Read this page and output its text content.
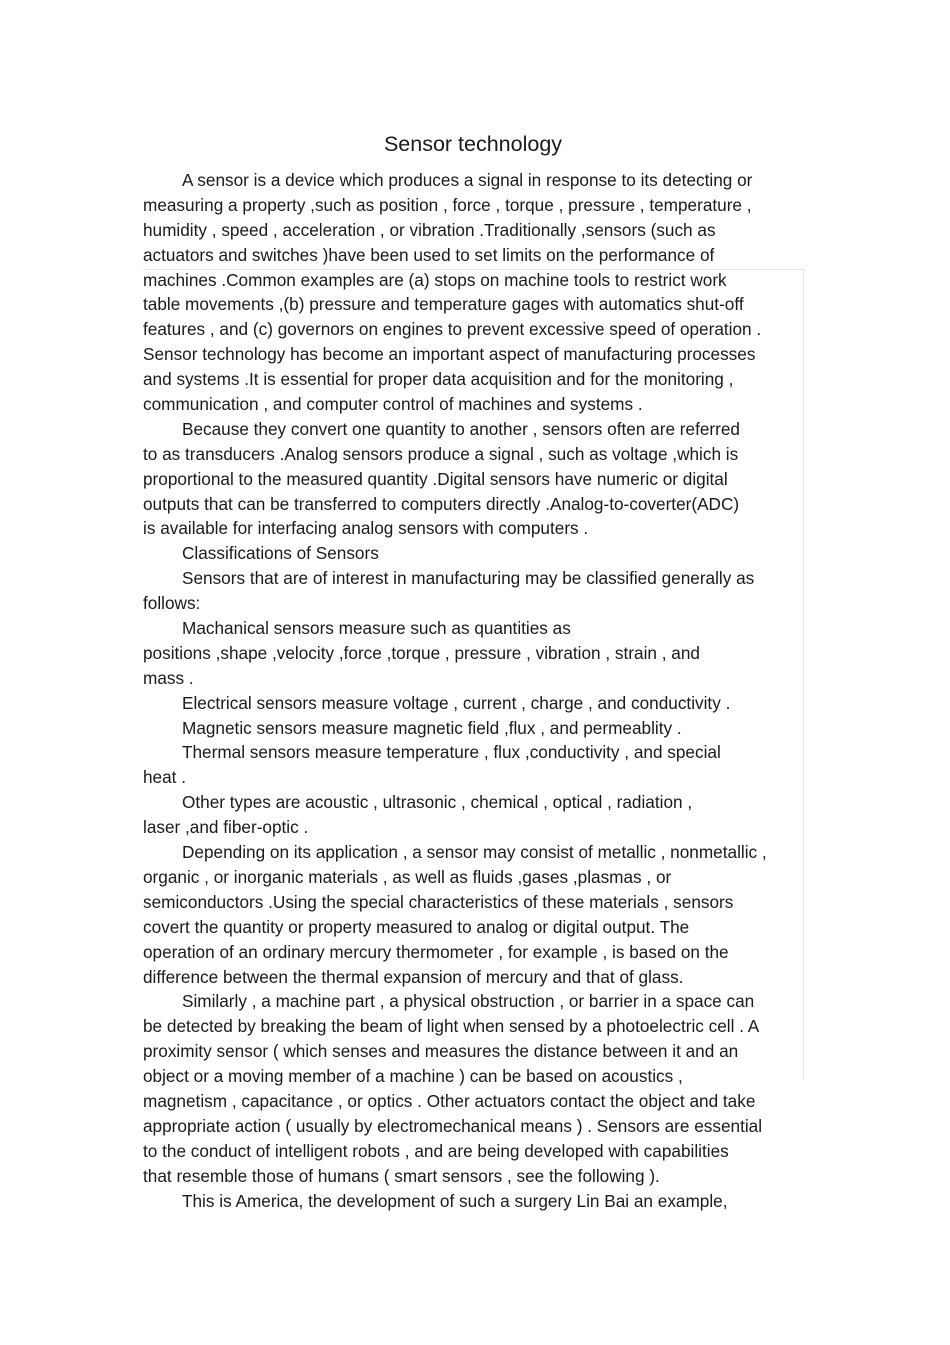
Sensor technology
A sensor is a device which produces a signal in response to its detecting or
measuring a property ,such as position , force , torque , pressure , temperature ,
humidity , speed , acceleration , or vibration .Traditionally ,sensors (such as
actuators and switches )have been used to set limits on the performance of
machines .Common examples are (a) stops on machine tools to restrict work
table movements ,(b) pressure and temperature gages with automatics shut-off
features , and (c) governors on engines to prevent excessive speed of operation .
Sensor technology has become an important aspect of manufacturing processes
and systems .It is essential for proper data acquisition and for the monitoring ,
communication , and computer control of machines and systems .
Because they convert one quantity to another , sensors often are referred
to as transducers .Analog sensors produce a signal , such as voltage ,which is
proportional to the measured quantity .Digital sensors have numeric or digital
outputs that can be transferred to computers directly .Analog-to-coverter(ADC)
is available for interfacing analog sensors with computers .
Classifications of Sensors
Sensors that are of interest in manufacturing may be classified generally as
follows:
Machanical sensors measure such as quantities as
positions ,shape ,velocity ,force ,torque , pressure , vibration , strain , and
mass .
Electrical sensors measure voltage , current , charge , and conductivity .
Magnetic sensors measure magnetic field ,flux , and permeablity .
Thermal sensors measure temperature , flux ,conductivity , and special
heat .
Other types are acoustic , ultrasonic , chemical , optical , radiation ,
laser ,and fiber-optic .
Depending on its application , a sensor may consist of metallic , nonmetallic ,
organic , or inorganic materials , as well as fluids ,gases ,plasmas , or
semiconductors .Using the special characteristics of these materials , sensors
covert the quantity or property measured to analog or digital output. The
operation of an ordinary mercury thermometer , for example , is based on the
difference between the thermal expansion of mercury and that of glass.
Similarly , a machine part , a physical obstruction , or barrier in a space can
be detected by breaking the beam of light when sensed by a photoelectric cell . A
proximity sensor ( which senses and measures the distance between it and an
object or a moving member of a machine ) can be based on acoustics ,
magnetism , capacitance , or optics . Other actuators contact the object and take
appropriate action ( usually by electromechanical means ) . Sensors are essential
to the conduct of intelligent robots , and are being developed with capabilities
that resemble those of humans ( smart sensors , see the following ).
This is America, the development of such a surgery Lin Bai an example,
